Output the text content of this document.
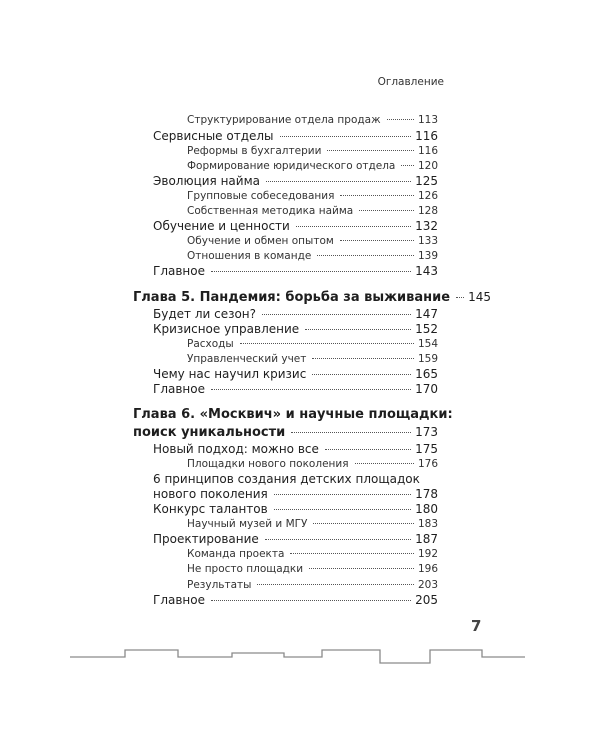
Оглавление
Структурирование отдела продаж	113
Сервисные отделы	116
Реформы в бухгалтерии	116
Формирование юридического отдела 120
Эволюция найма	125
Групповые собеседования	126
Собственная методика найма	128
Обучение и ценности	132
Обучение и обмен опытом	133
Отношения в команде	139
Главное	143
Глава 5. Пандемия: борьба за выживание 145
Будет ли сезон?	147
Кризисное управление	152
Расходы	154
Управленческий учет	159
Чему нас научил кризис	165
Главное	170
Глава 6. «Москвич» и научные площадки:
поиск уникальности	173
Новый подход: можно все	175
Площадки нового поколения	176
6 принципов создания детских площадок
нового поколения	178
Конкурс талантов	180
Научный музей и МГУ	183
Проектирование	187
Команда проекта	192
Не просто площадки	196
Результаты	203
Главное	205
7
